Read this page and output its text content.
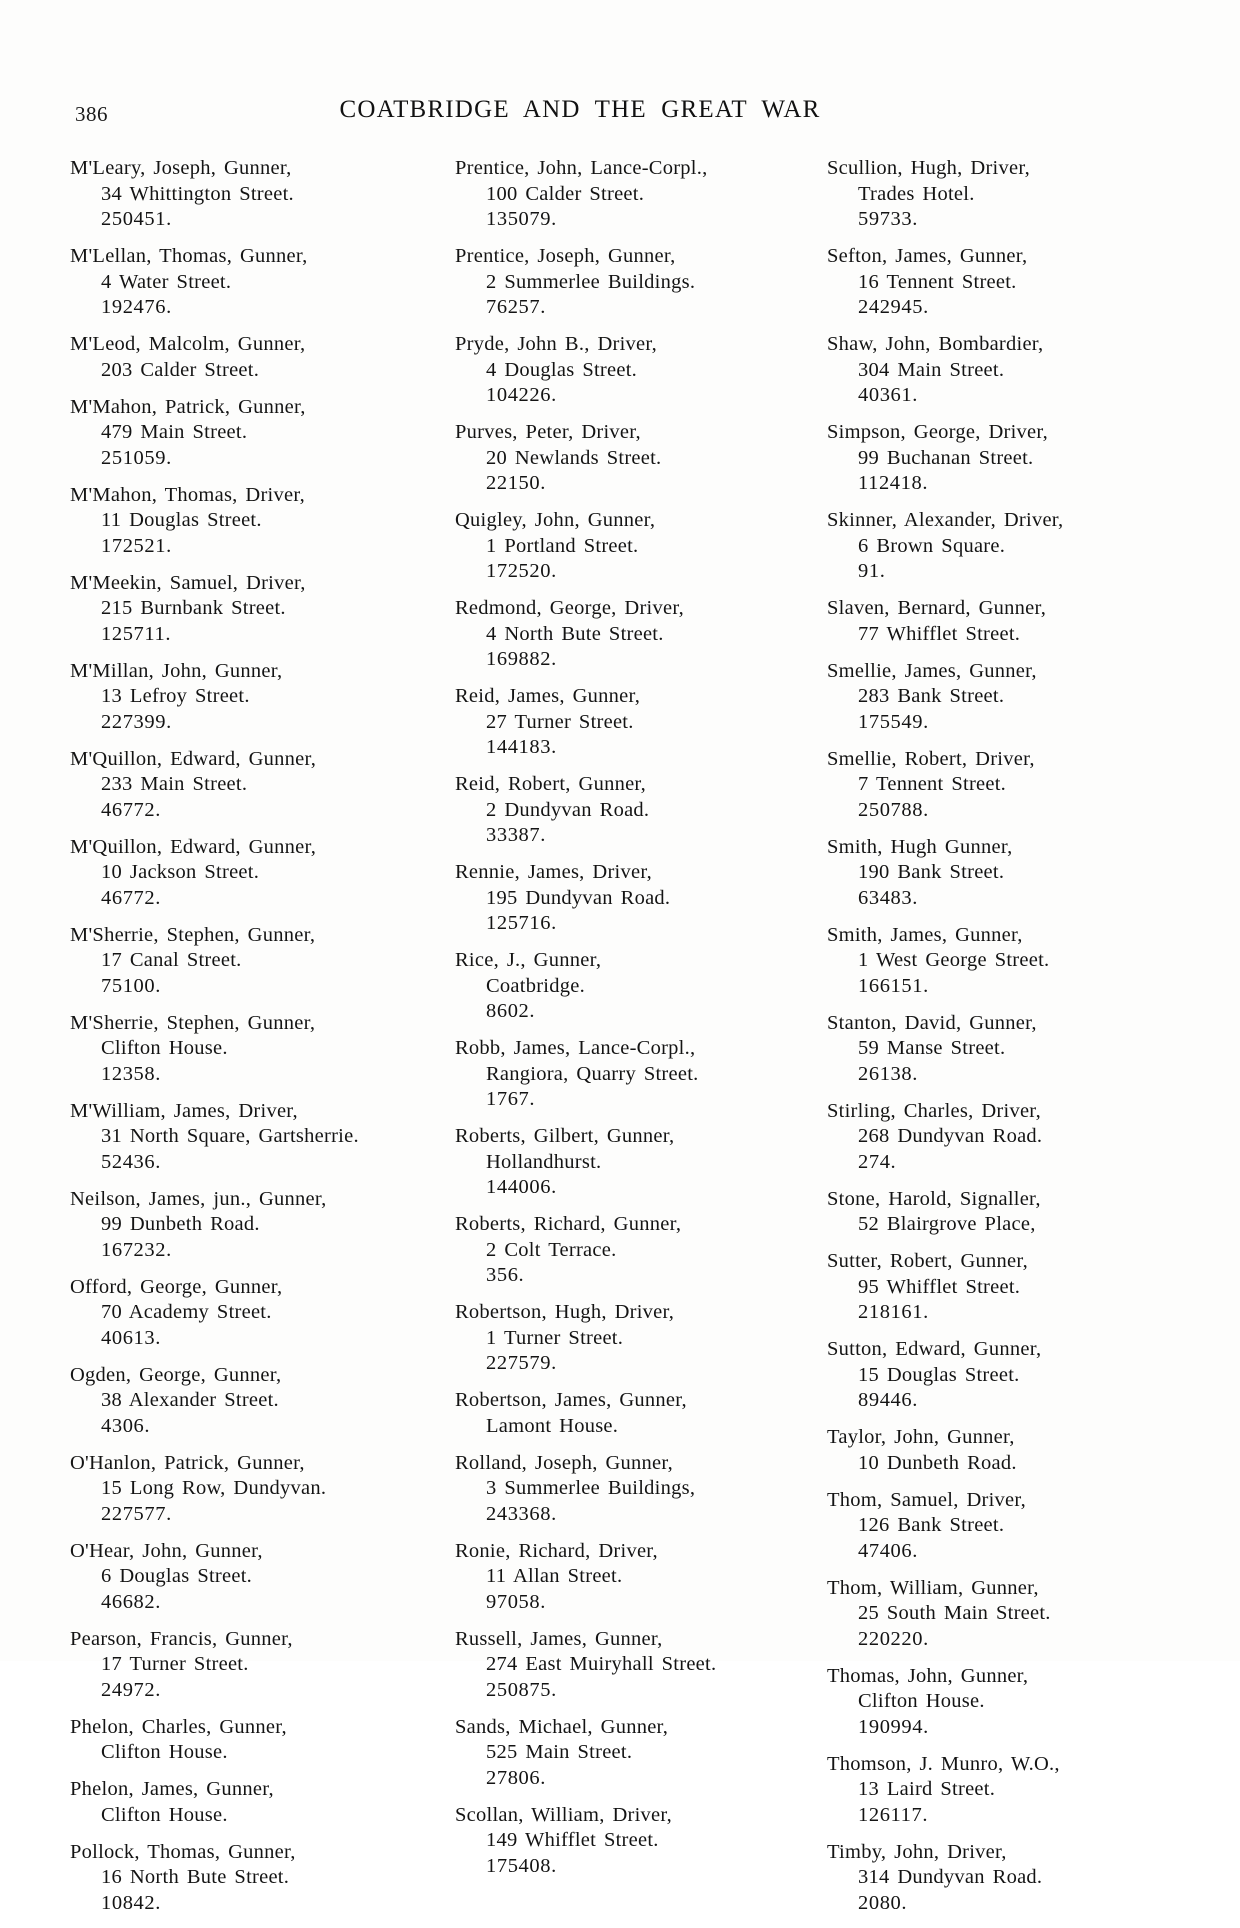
386	COATBRIDGE AND THE GREAT WAR
M'Leary, Joseph, Gunner,
34 Whittington Street.
250451.
M'Lellan, Thomas, Gunner,
4 Water Street.
192476.
M'Leod, Malcolm, Gunner,
203 Calder Street.
M'Mahon, Patrick, Gunner,
479 Main Street.
251059.
M'Mahon, Thomas, Driver,
11 Douglas Street.
172521.
M'Meekin, Samuel, Driver,
215 Burnbank Street.
125711.
M'Millan, John, Gunner,
13 Lefroy Street.
227399.
M'Quillon, Edward, Gunner,
233 Main Street.
46772.
M'Quillon, Edward, Gunner,
10 Jackson Street.
46772.
M'Sherrie, Stephen, Gunner,
17 Canal Street.
75100.
M'Sherrie, Stephen, Gunner,
Clifton House.
12358.
M'William, James, Driver,
31 North Square, Gartsherrie.
52436.
Neilson, James, jun., Gunner,
99 Dunbeth Road.
167232.
Offord, George, Gunner,
70 Academy Street.
40613.
Ogden, George, Gunner,
38 Alexander Street.
4306.
O'Hanlon, Patrick, Gunner,
15 Long Row, Dundyvan.
227577.
O'Hear, John, Gunner,
6 Douglas Street.
46682.
Pearson, Francis, Gunner,
17 Turner Street.
24972.
Phelon, Charles, Gunner,
Clifton House.
Phelon, James, Gunner,
Clifton House.
Pollock, Thomas, Gunner,
16 North Bute Street.
10842.
Prentice, John, Lance-Corpl.,
100 Calder Street.
135079.
Prentice, Joseph, Gunner,
2 Summerlee Buildings.
76257.
Pryde, John B., Driver,
4 Douglas Street.
104226.
Purves, Peter, Driver,
20 Newlands Street.
22150.
Quigley, John, Gunner,
1 Portland Street.
172520.
Redmond, George, Driver,
4 North Bute Street.
169882.
Reid, James, Gunner,
27 Turner Street.
144183.
Reid, Robert, Gunner,
2 Dundyvan Road.
33387.
Rennie, James, Driver,
195 Dundyvan Road.
125716.
Rice, J., Gunner,
Coatbridge.
8602.
Robb, James, Lance-Corpl.,
Rangiora, Quarry Street.
1767.
Roberts, Gilbert, Gunner,
Hollandhurst.
144006.
Roberts, Richard, Gunner,
2 Colt Terrace.
356.
Robertson, Hugh, Driver,
1 Turner Street.
227579.
Robertson, James, Gunner,
Lamont House.
Rolland, Joseph, Gunner,
3 Summerlee Buildings,
243368.
Ronie, Richard, Driver,
11 Allan Street.
97058.
Russell, James, Gunner,
274 East Muiryhall Street.
250875.
Sands, Michael, Gunner,
525 Main Street.
27806.
Scollan, William, Driver,
149 Whifflet Street.
175408.
Scullion, Hugh, Driver,
Trades Hotel.
59733.
Sefton, James, Gunner,
16 Tennent Street.
242945.
Shaw, John, Bombardier,
304 Main Street.
40361.
Simpson, George, Driver,
99 Buchanan Street.
112418.
Skinner, Alexander, Driver,
6 Brown Square.
91.
Slaven, Bernard, Gunner,
77 Whifflet Street.
Smellie, James, Gunner,
283 Bank Street.
175549.
Smellie, Robert, Driver,
7 Tennent Street.
250788.
Smith, Hugh Gunner,
190 Bank Street.
63483.
Smith, James, Gunner,
1 West George Street.
166151.
Stanton, David, Gunner,
59 Manse Street.
26138.
Stirling, Charles, Driver,
268 Dundyvan Road.
274.
Stone, Harold, Signaller,
52 Blairgrove Place,
Sutter, Robert, Gunner,
95 Whifflet Street.
218161.
Sutton, Edward, Gunner,
15 Douglas Street.
89446.
Taylor, John, Gunner,
10 Dunbeth Road.
Thom, Samuel, Driver,
126 Bank Street.
47406.
Thom, William, Gunner,
25 South Main Street.
220220.
Thomas, John, Gunner,
Clifton House.
190994.
Thomson, J. Munro, W.O.,
13 Laird Street.
126117.
Timby, John, Driver,
314 Dundyvan Road.
2080.
